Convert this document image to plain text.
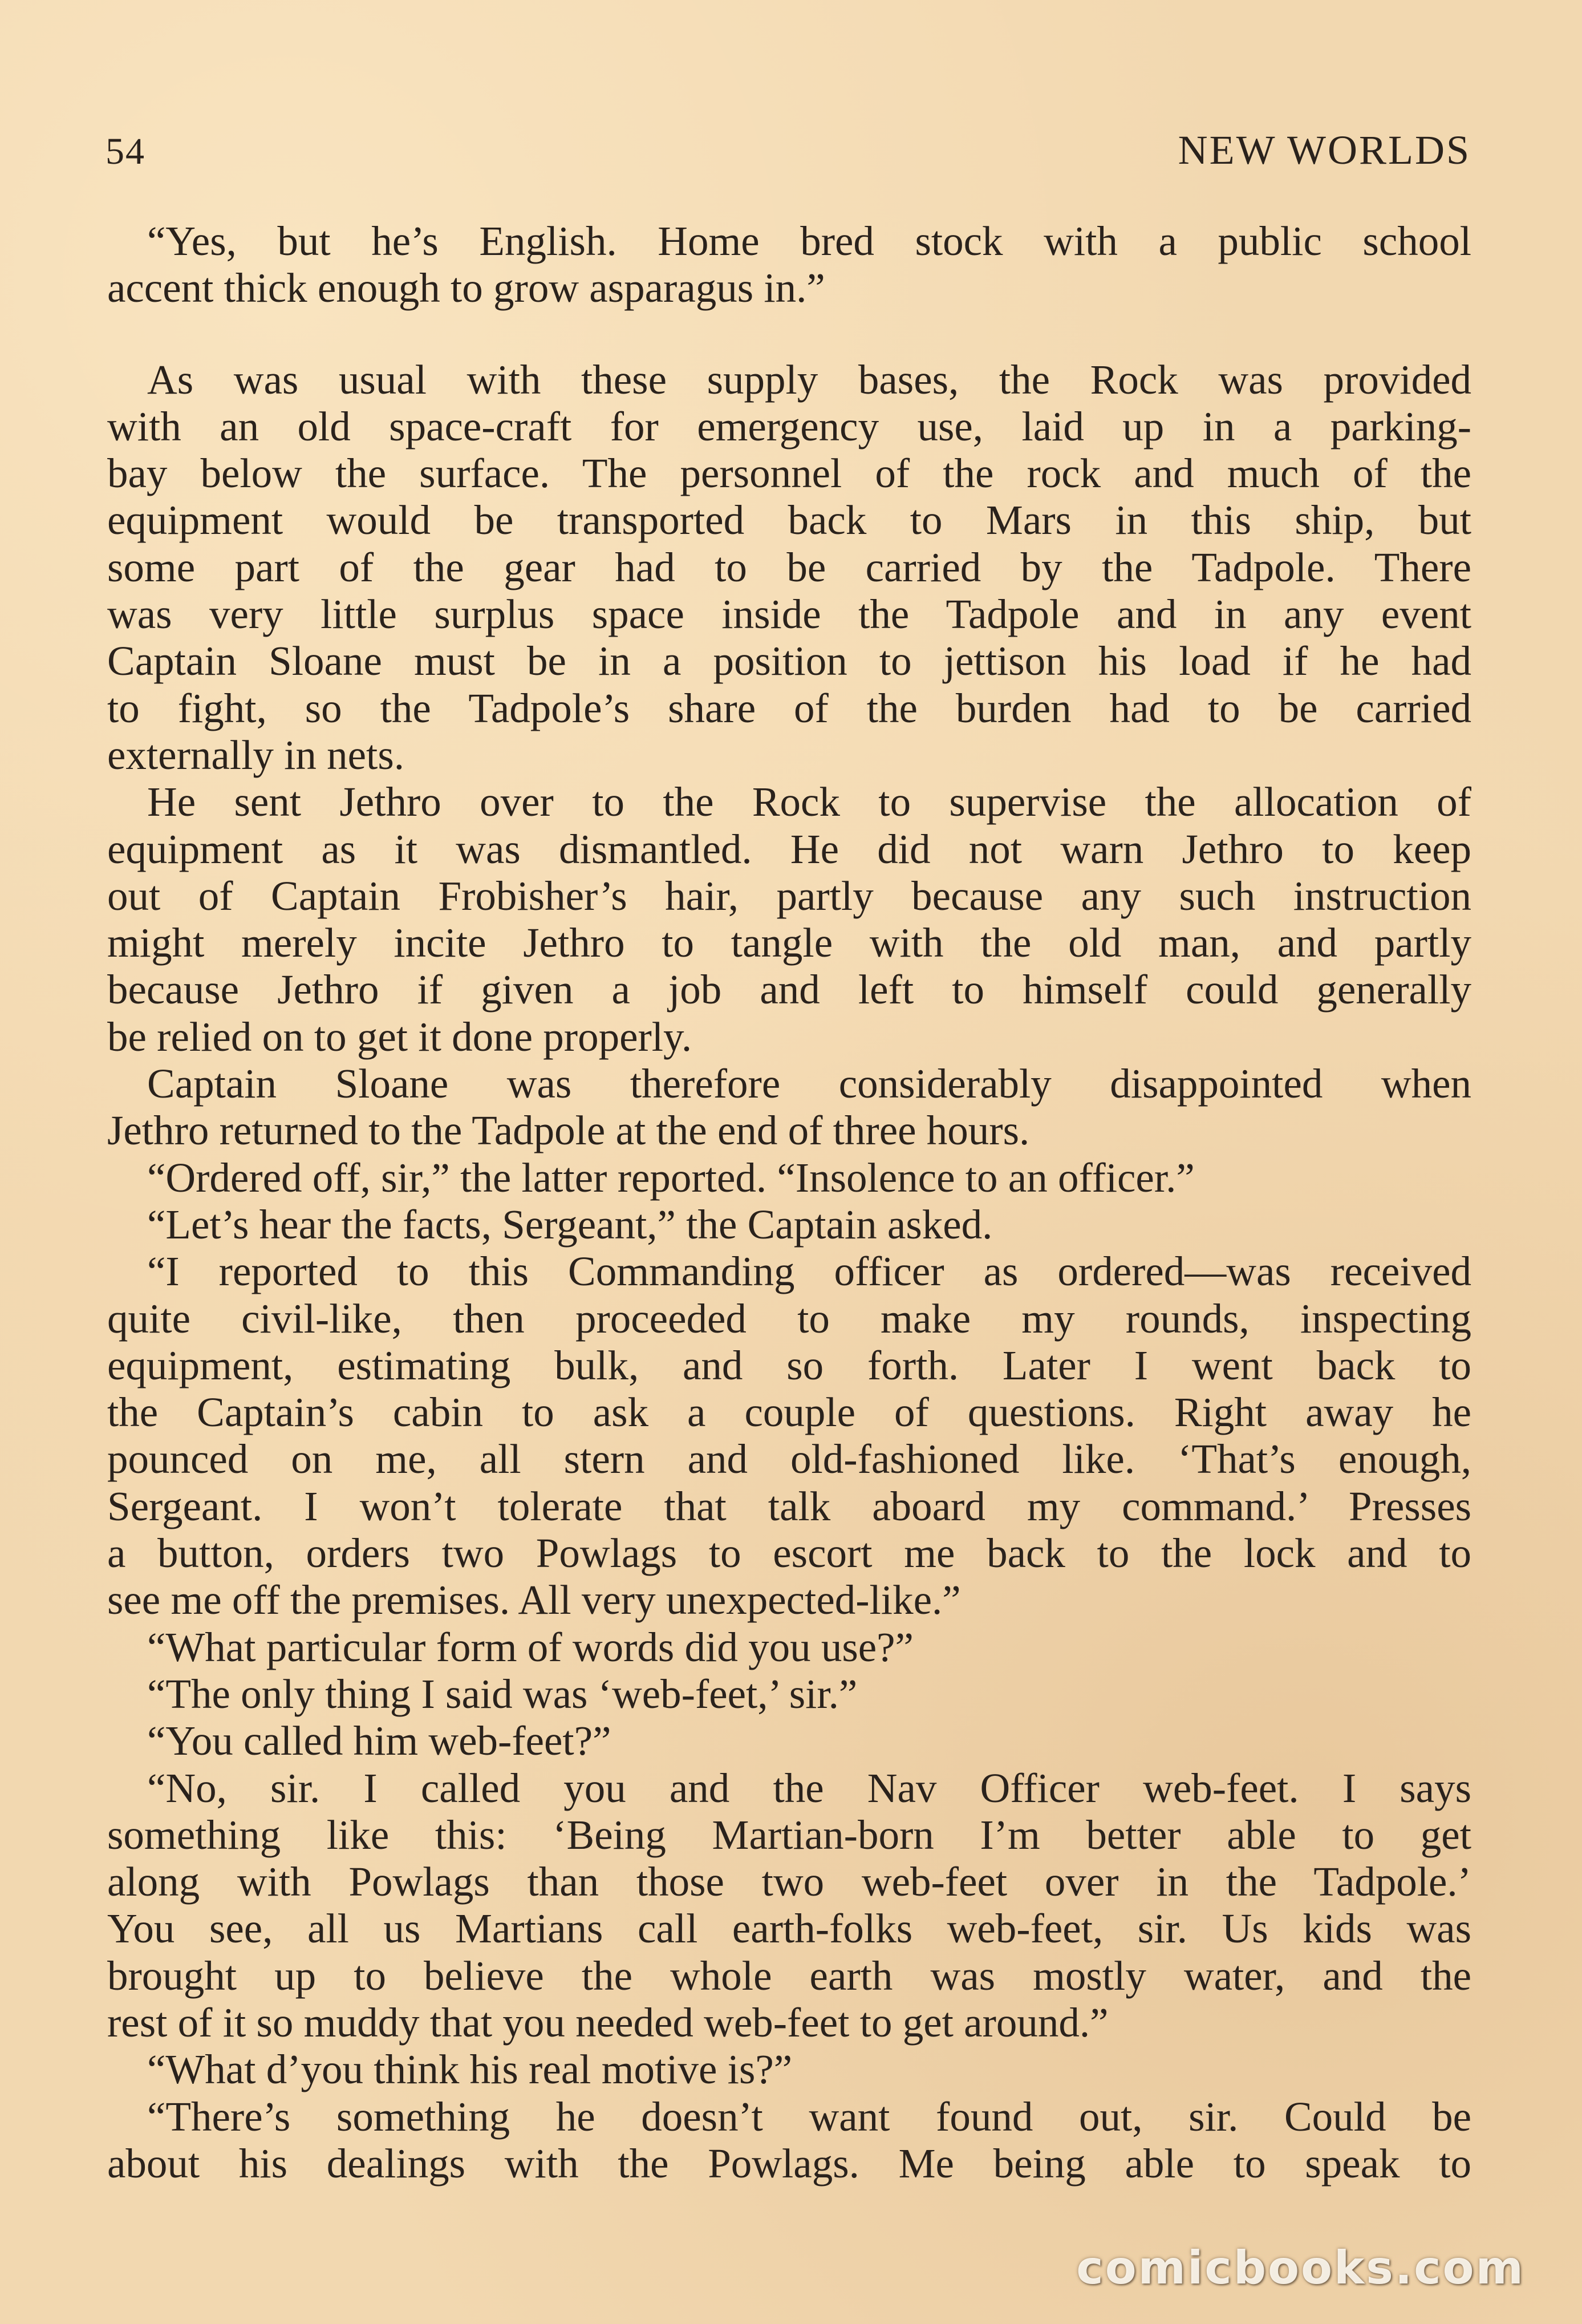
54	NEW WORLDS
“Yes, but he’s English. Home bred stock with a public school
accent thick enough to grow asparagus in.”
As was usual with these supply bases, the Rock was provided
with an old space-craft for emergency use, laid up in a parking-
bay below the surface. The personnel of the rock and much of the
equipment would be transported back to Mars in this ship, but
some part of the gear had to be carried by the Tadpole. There
was very little surplus space inside the Tadpole and in any event
Captain Sloane must be in a position to jettison his load if he had
to fight, so the Tadpole’s share of the burden had to be carried
externally in nets.
He sent Jethro over to the Rock to supervise the allocation of
equipment as it was dismantled. He did not warn Jethro to keep
out of Captain Frobisher’s hair, partly because any such instruction
might merely incite Jethro to tangle with the old man, and partly
because Jethro if given a job and left to himself could generally
be relied on to get it done properly.
Captain Sloane was therefore considerably disappointed when
Jethro returned to the Tadpole at the end of three hours.
“Ordered off, sir,” the latter reported. “Insolence to an officer.”
“Let’s hear the facts, Sergeant,” the Captain asked.
“I reported to this Commanding officer as ordered—was received
quite civil-like, then proceeded to make my rounds, inspecting
equipment, estimating bulk, and so forth. Later I went back to
the Captain’s cabin to ask a couple of questions. Right away he
pounced on me, all stern and old-fashioned like. ‘That’s enough,
Sergeant. I won’t tolerate that talk aboard my command.’ Presses
a button, orders two Powlags to escort me back to the lock and to
see me off the premises. All very unexpected-like.”
“What particular form of words did you use?”
“The only thing I said was ‘web-feet,’ sir.”
“You called him web-feet?”
“No, sir. I called you and the Nav Officer web-feet. I says
something like this: ‘Being Martian-born I’m better able to get
along with Powlags than those two web-feet over in the Tadpole.’
You see, all us Martians call earth-folks web-feet, sir. Us kids was
brought up to believe the whole earth was mostly water, and the
rest of it so muddy that you needed web-feet to get around.”
“What d’you think his real motive is?”
“There’s something he doesn’t want found out, sir. Could be
about his dealings with the Powlags. Me being able to speak to
comicbooks.com
